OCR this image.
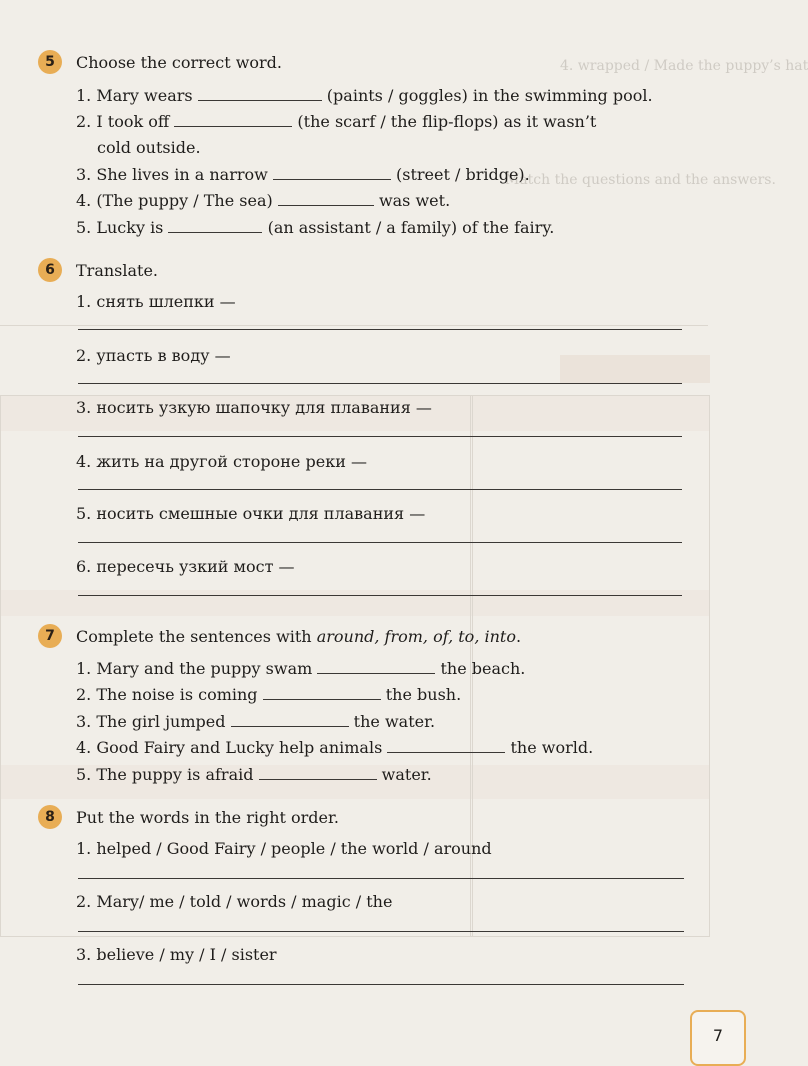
4. wrapped / Made the puppy’s hat
Match the questions and the answers.
5	Choose the correct word.
1. Mary wears	(paints / goggles) in the swimming pool.
2. I took off	(the scarf / the flip-flops) as it wasn’t
cold outside.
3. She lives in a narrow	(street / bridge).
4. (The puppy / The sea)	was wet.
5. Lucky is	(an assistant / a family) of the fairy.
6	Translate.
1. снять шлепки —
2. упасть в воду —
3. носить узкую шапочку для плавания —
4. жить на другой стороне реки —
5. носить смешные очки для плавания —
6. пересечь узкий мост —
7	Complete the sentences with around, from, of, to, into.
1. Mary and the puppy swam	the beach.
2. The noise is coming	the bush.
3. The girl jumped	the water.
4. Good Fairy and Lucky help animals	the world.
5. The puppy is afraid	water.
8	Put the words in the right order.
1. helped / Good Fairy / people / the world / around
2. Mary/ me / told / words / magic / the
3. believe / my / I / sister
7
